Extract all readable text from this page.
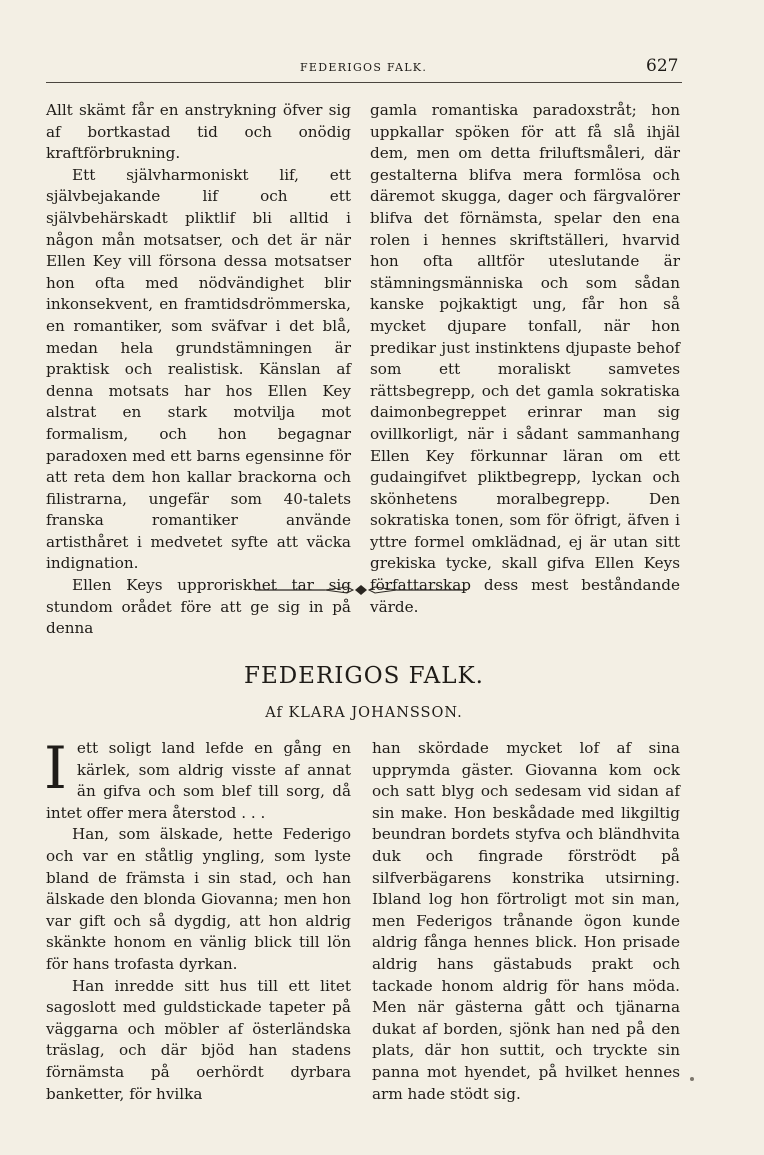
FEDERIGOS FALK.	627

Allt skämt får en anstrykning öfver sig af bortkastad tid och onödig kraftförbrukning.

Ett självharmoniskt lif, ett självbejakande lif och ett självbehärskadt pliktlif bli alltid i någon mån motsatser, och det är när Ellen Key vill försona dessa motsatser hon ofta med nödvändighet blir inkonsekvent, en framtidsdrömmerska, en romantiker, som sväfvar i det blå, medan hela grundstämningen är praktisk och realistisk. Känslan af denna motsats har hos Ellen Key alstrat en stark motvilja mot formalism, och hon begagnar paradoxen med ett barns egensinne för att reta dem hon kallar brackorna och filistrarna, ungefär som 40-talets franska romantiker använde artisthåret i medvetet syfte att väcka indignation.

Ellen Keys upproriskhet tar sig stundom orådet före att ge sig in på denna

gamla romantiska paradoxstråt; hon uppkallar spöken för att få slå ihjäl dem, men om detta friluftsmåleri, där gestalterna blifva mera formlösa och däremot skugga, dager och färgvalörer blifva det förnämsta, spelar den ena rolen i hennes skriftställeri, hvarvid hon ofta alltför uteslutande är stämningsmänniska och som sådan kanske pojkaktigt ung, får hon så mycket djupare tonfall, när hon predikar just instinktens djupaste behof som ett moraliskt samvetes rättsbegrepp, och det gamla sokratiska daimonbegreppet erinrar man sig ovillkorligt, när i sådant sammanhang Ellen Key förkunnar läran om ett gudaingifvet pliktbegrepp, lyckan och skönhetens moralbegrepp. Den sokratiska tonen, som för öfrigt, äfven i yttre formel omklädnad, ej är utan sitt grekiska tycke, skall gifva Ellen Keys författarskap dess mest beståndande värde.

FEDERIGOS FALK.
Af KLARA JOHANSSON.

Iett soligt land lefde en gång en kärlek, som aldrig visste af annat än gifva och som blef till sorg, då intet offer mera återstod . . .

Han, som älskade, hette Federigo och var en ståtlig yngling, som lyste bland de främsta i sin stad, och han älskade den blonda Giovanna; men hon var gift och så dygdig, att hon aldrig skänkte honom en vänlig blick till lön för hans trofasta dyrkan.

Han inredde sitt hus till ett litet sagoslott med guldstickade tapeter på väggarna och möbler af österländska träslag, och där bjöd han stadens förnämsta på oerhördt dyrbara banketter, för hvilka

han skördade mycket lof af sina upprymda gäster. Giovanna kom ock och satt blyg och sedesam vid sidan af sin make. Hon beskådade med likgiltig beundran bordets styfva och bländhvita duk och fingrade förströdt på silfverbägarens konstrika utsirning. Ibland log hon förtroligt mot sin man, men Federigos trånande ögon kunde aldrig fånga hennes blick. Hon prisade aldrig hans gästabuds prakt och tackade honom aldrig för hans möda. Men när gästerna gått och tjänarna dukat af borden, sjönk han ned på den plats, där hon suttit, och tryckte sin panna mot hyendet, på hvilket hennes arm hade stödt sig.
